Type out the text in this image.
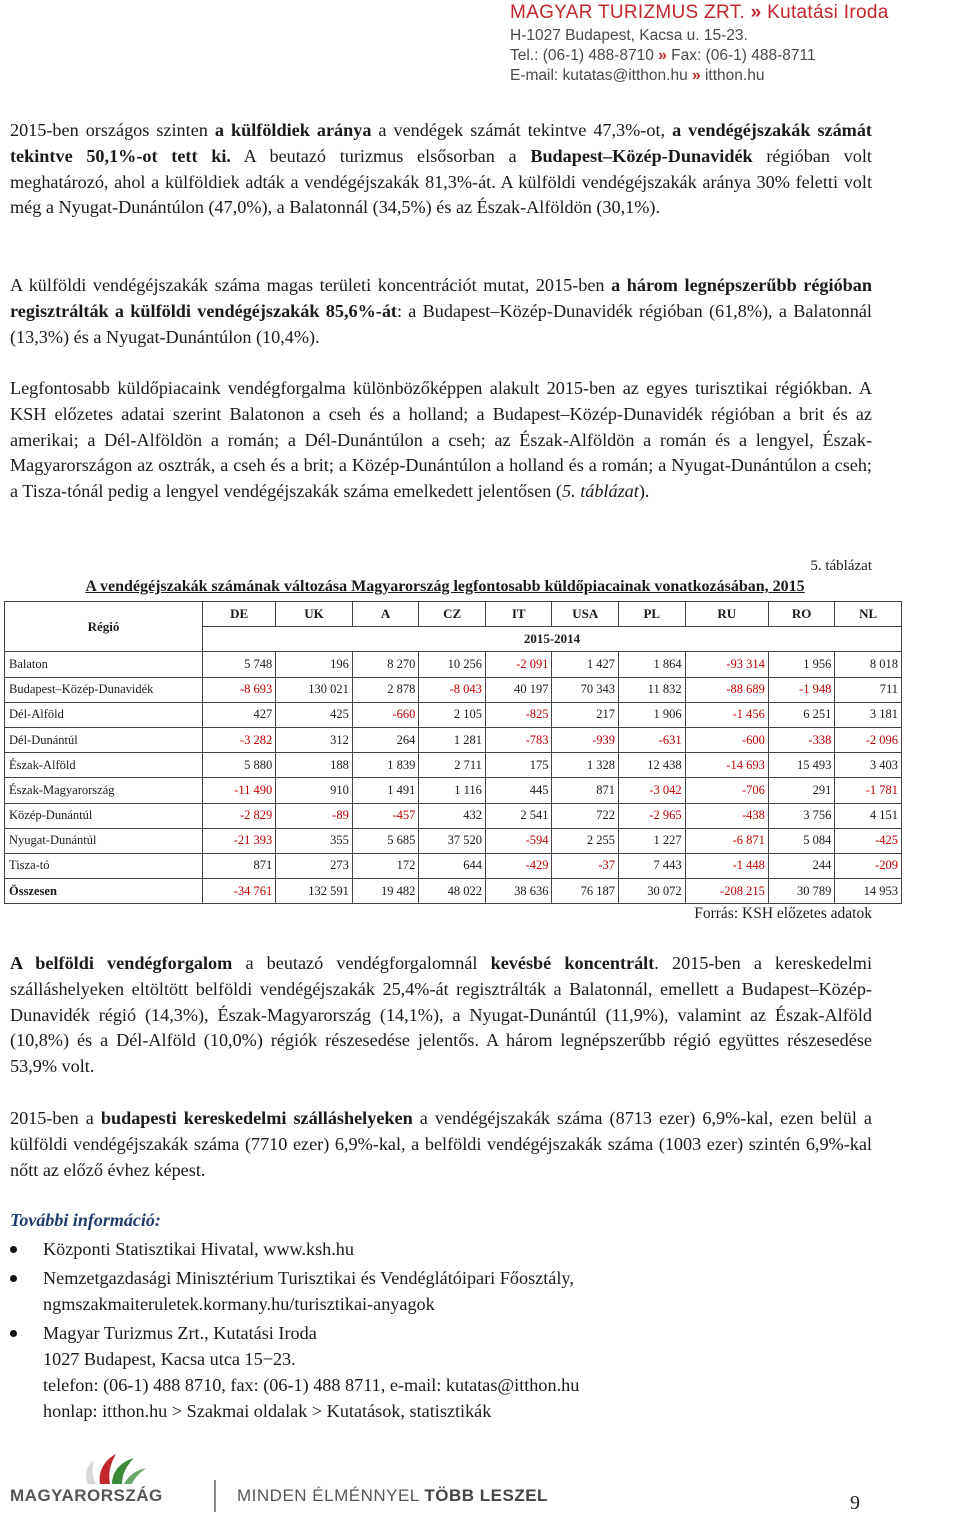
MAGYAR TURIZMUS ZRT. » Kutatási Iroda
H-1027 Budapest, Kacsa u. 15-23.
Tel.: (06-1) 488-8710 » Fax: (06-1) 488-8711
E-mail: kutatas@itthon.hu » itthon.hu
2015-ben országos szinten a külföldiek aránya a vendégek számát tekintve 47,3%-ot, a vendégéjszakák számát tekintve 50,1%-ot tett ki. A beutazó turizmus elsősorban a Budapest–Közép-Dunavidék régióban volt meghatározó, ahol a külföldiek adták a vendégéjszakák 81,3%-át. A külföldi vendégéjszakák aránya 30% feletti volt még a Nyugat-Dunántúlon (47,0%), a Balatonnál (34,5%) és az Észak-Alföldön (30,1%).
A külföldi vendégéjszakák száma magas területi koncentrációt mutat, 2015-ben a három legnépszerűbb régióban regisztrálták a külföldi vendégéjszakák 85,6%-át: a Budapest–Közép-Dunavidék régióban (61,8%), a Balatonnál (13,3%) és a Nyugat-Dunántúlon (10,4%).
Legfontosabb küldőpiacaink vendégforgalma különbözőképpen alakult 2015-ben az egyes turisztikai régiókban. A KSH előzetes adatai szerint Balatonon a cseh és a holland; a Budapest–Közép-Dunavidék régióban a brit és az amerikai; a Dél-Alföldön a román; a Dél-Dunántúlon a cseh; az Észak-Alföldön a román és a lengyel, Észak-Magyarországon az osztrák, a cseh és a brit; a Közép-Dunántúlon a holland és a román; a Nyugat-Dunántúlon a cseh; a Tisza-tónál pedig a lengyel vendégéjszakák száma emelkedett jelentősen (5. táblázat).
5. táblázat
A vendégéjszakák számának változása Magyarország legfontosabb küldőpiacainak vonatkozásában, 2015
Régió	DE	UK	A	CZ	IT	USA	PL	RU	RO	NL
	2015-2014									
Balaton	5 748	196	8 270	10 256	-2 091	1 427	1 864	-93 314	1 956	8 018
Budapest–Közép-Dunavidék	-8 693	130 021	2 878	-8 043	40 197	70 343	11 832	-88 689	-1 948	711
Dél-Alföld	427	425	-660	2 105	-825	217	1 906	-1 456	6 251	3 181
Dél-Dunántúl	-3 282	312	264	1 281	-783	-939	-631	-600	-338	-2 096
Észak-Alföld	5 880	188	1 839	2 711	175	1 328	12 438	-14 693	15 493	3 403
Észak-Magyarország	-11 490	910	1 491	1 116	445	871	-3 042	-706	291	-1 781
Közép-Dunántúl	-2 829	-89	-457	432	2 541	722	-2 965	-438	3 756	4 151
Nyugat-Dunántúl	-21 393	355	5 685	37 520	-594	2 255	1 227	-6 871	5 084	-425
Tisza-tó	871	273	172	644	-429	-37	7 443	-1 448	244	-209
Összesen	-34 761	132 591	19 482	48 022	38 636	76 187	30 072	-208 215	30 789	14 953
Forrás: KSH előzetes adatok
A belföldi vendégforgalom a beutazó vendégforgalomnál kevésbé koncentrált. 2015-ben a kereskedelmi szálláshelyeken eltöltött belföldi vendégéjszakák 25,4%-át regisztrálták a Balatonnál, emellett a Budapest–Közép-Dunavidék régió (14,3%), Észak-Magyarország (14,1%), a Nyugat-Dunántúl (11,9%), valamint az Észak-Alföld (10,8%) és a Dél-Alföld (10,0%) régiók részesedése jelentős. A három legnépszerűbb régió együttes részesedése 53,9% volt.
2015-ben a budapesti kereskedelmi szálláshelyeken a vendégéjszakák száma (8713 ezer) 6,9%-kal, ezen belül a külföldi vendégéjszakák száma (7710 ezer) 6,9%-kal, a belföldi vendégéjszakák száma (1003 ezer) szintén 6,9%-kal nőtt az előző évhez képest.
További információ:
Központi Statisztikai Hivatal, www.ksh.hu
Nemzetgazdasági Minisztérium Turisztikai és Vendéglátóipari Főosztály,
ngmszakmaiteruletek.kormany.hu/turisztikai-anyagok
Magyar Turizmus Zrt., Kutatási Iroda
1027 Budapest, Kacsa utca 15−23.
telefon: (06-1) 488 8710, fax: (06-1) 488 8711, e-mail: kutatas@itthon.hu
honlap: itthon.hu > Szakmai oldalak > Kutatások, statisztikák
MAGYARORSZÁG	MINDEN ÉLMÉNNYEL TÖBB LESZEL	9
